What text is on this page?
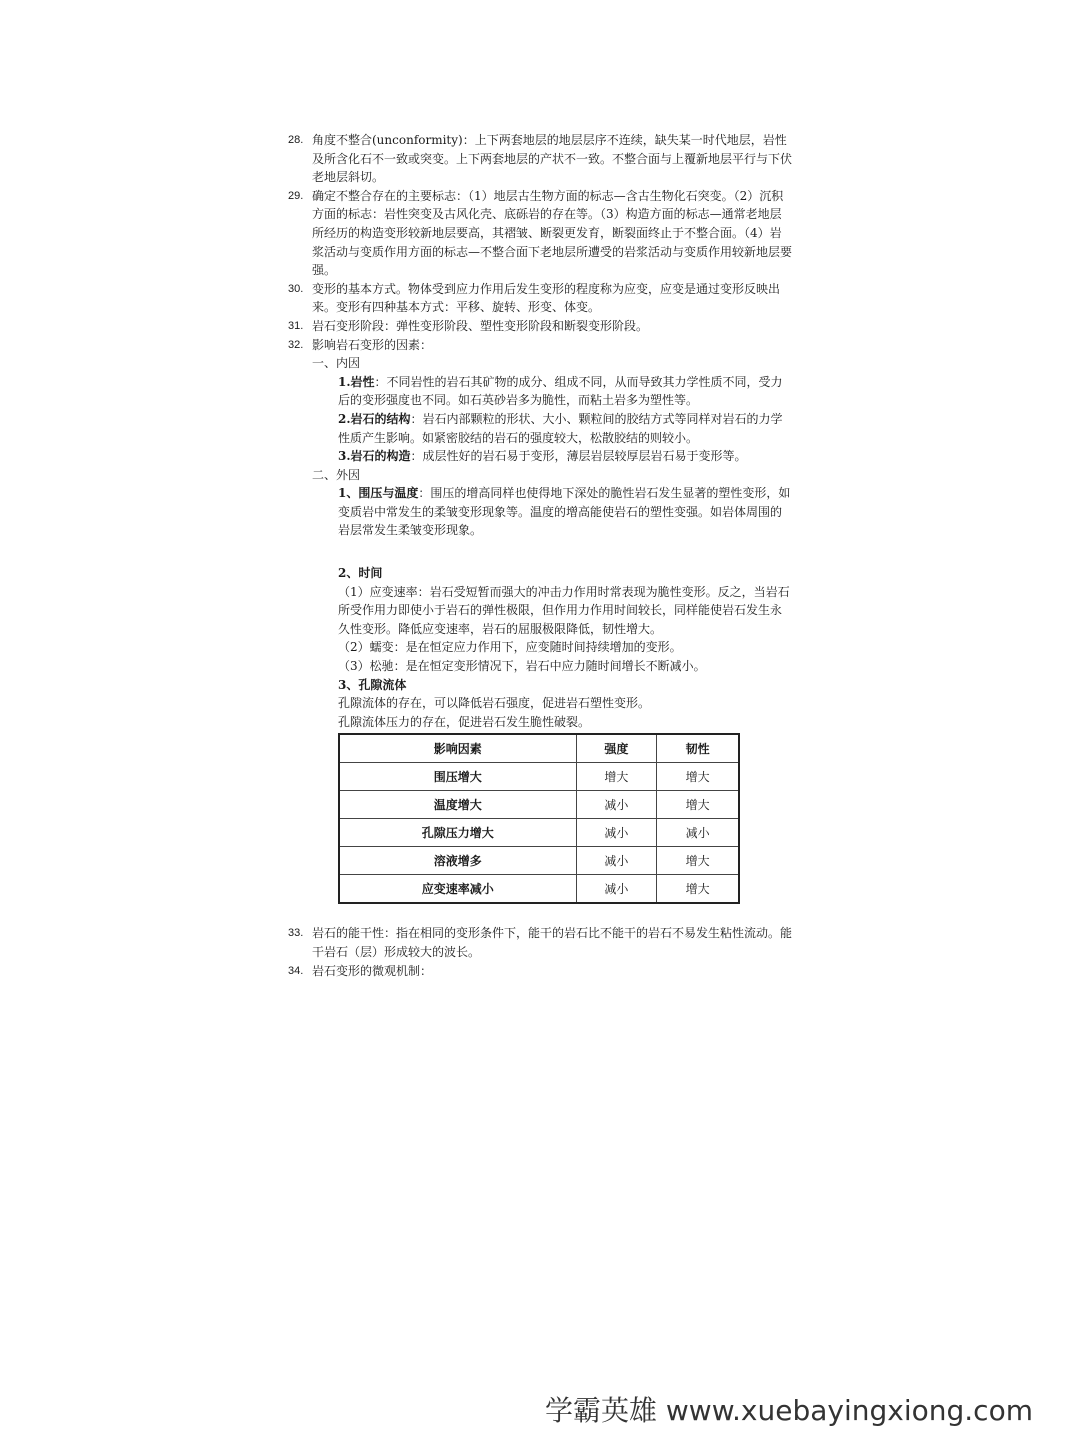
28. 角度不整合(unconformity)：上下两套地层的地层层序不连续，缺失某一时代地层，岩性及所含化石不一致或突变。上下两套地层的产状不一致。不整合面与上覆新地层平行与下伏老地层斜切。
29. 确定不整合存在的主要标志：（1）地层古生物方面的标志—含古生物化石突变。（2）沉积方面的标志：岩性突变及古风化壳、底砾岩的存在等。（3）构造方面的标志—通常老地层所经历的构造变形较新地层要高，其褶皱、断裂更发育，断裂面终止于不整合面。（4）岩浆活动与变质作用方面的标志—不整合面下老地层所遭受的岩浆活动与变质作用较新地层要强。
30. 变形的基本方式。物体受到应力作用后发生变形的程度称为应变，应变是通过变形反映出来。变形有四种基本方式：平移、旋转、形变、体变。
31. 岩石变形阶段：弹性变形阶段、塑性变形阶段和断裂变形阶段。
32. 影响岩石变形的因素：
一、内因
1.岩性：不同岩性的岩石其矿物的成分、组成不同，从而导致其力学性质不同，受力后的变形强度也不同。如石英砂岩多为脆性，而粘土岩多为塑性等。
2.岩石的结构：岩石内部颗粒的形状、大小、颗粒间的胶结方式等同样对岩石的力学性质产生影响。如紧密胶结的岩石的强度较大，松散胶结的则较小。
3.岩石的构造：成层性好的岩石易于变形，薄层岩层较厚层岩石易于变形等。
二、外因
1、围压与温度：围压的增高同样也使得地下深处的脆性岩石发生显著的塑性变形，如变质岩中常发生的柔皱变形现象等。温度的增高能使岩石的塑性变强。如岩体周围的岩层常发生柔皱变形现象。
2、时间
（1）应变速率：岩石受短暂而强大的冲击力作用时常表现为脆性变形。反之，当岩石所受作用力即使小于岩石的弹性极限，但作用力作用时间较长，同样能使岩石发生永久性变形。降低应变速率，岩石的屈服极限降低，韧性增大。
（2）蠕变：是在恒定应力作用下，应变随时间持续增加的变形。
（3）松驰：是在恒定变形情况下，岩石中应力随时间增长不断减小。
3、孔隙流体
孔隙流体的存在，可以降低岩石强度，促进岩石塑性变形。
孔隙流体压力的存在，促进岩石发生脆性破裂。
影响因素	强度	韧性
围压增大	增大	增大
温度增大	减小	增大
孔隙压力增大	减小	减小
溶液增多	减小	增大
应变速率减小	减小	增大
33. 岩石的能干性：指在相同的变形条件下，能干的岩石比不能干的岩石不易发生粘性流动。能干岩石（层）形成较大的波长。
34. 岩石变形的微观机制：
学霸英雄 www.xuebayingxiong.com
